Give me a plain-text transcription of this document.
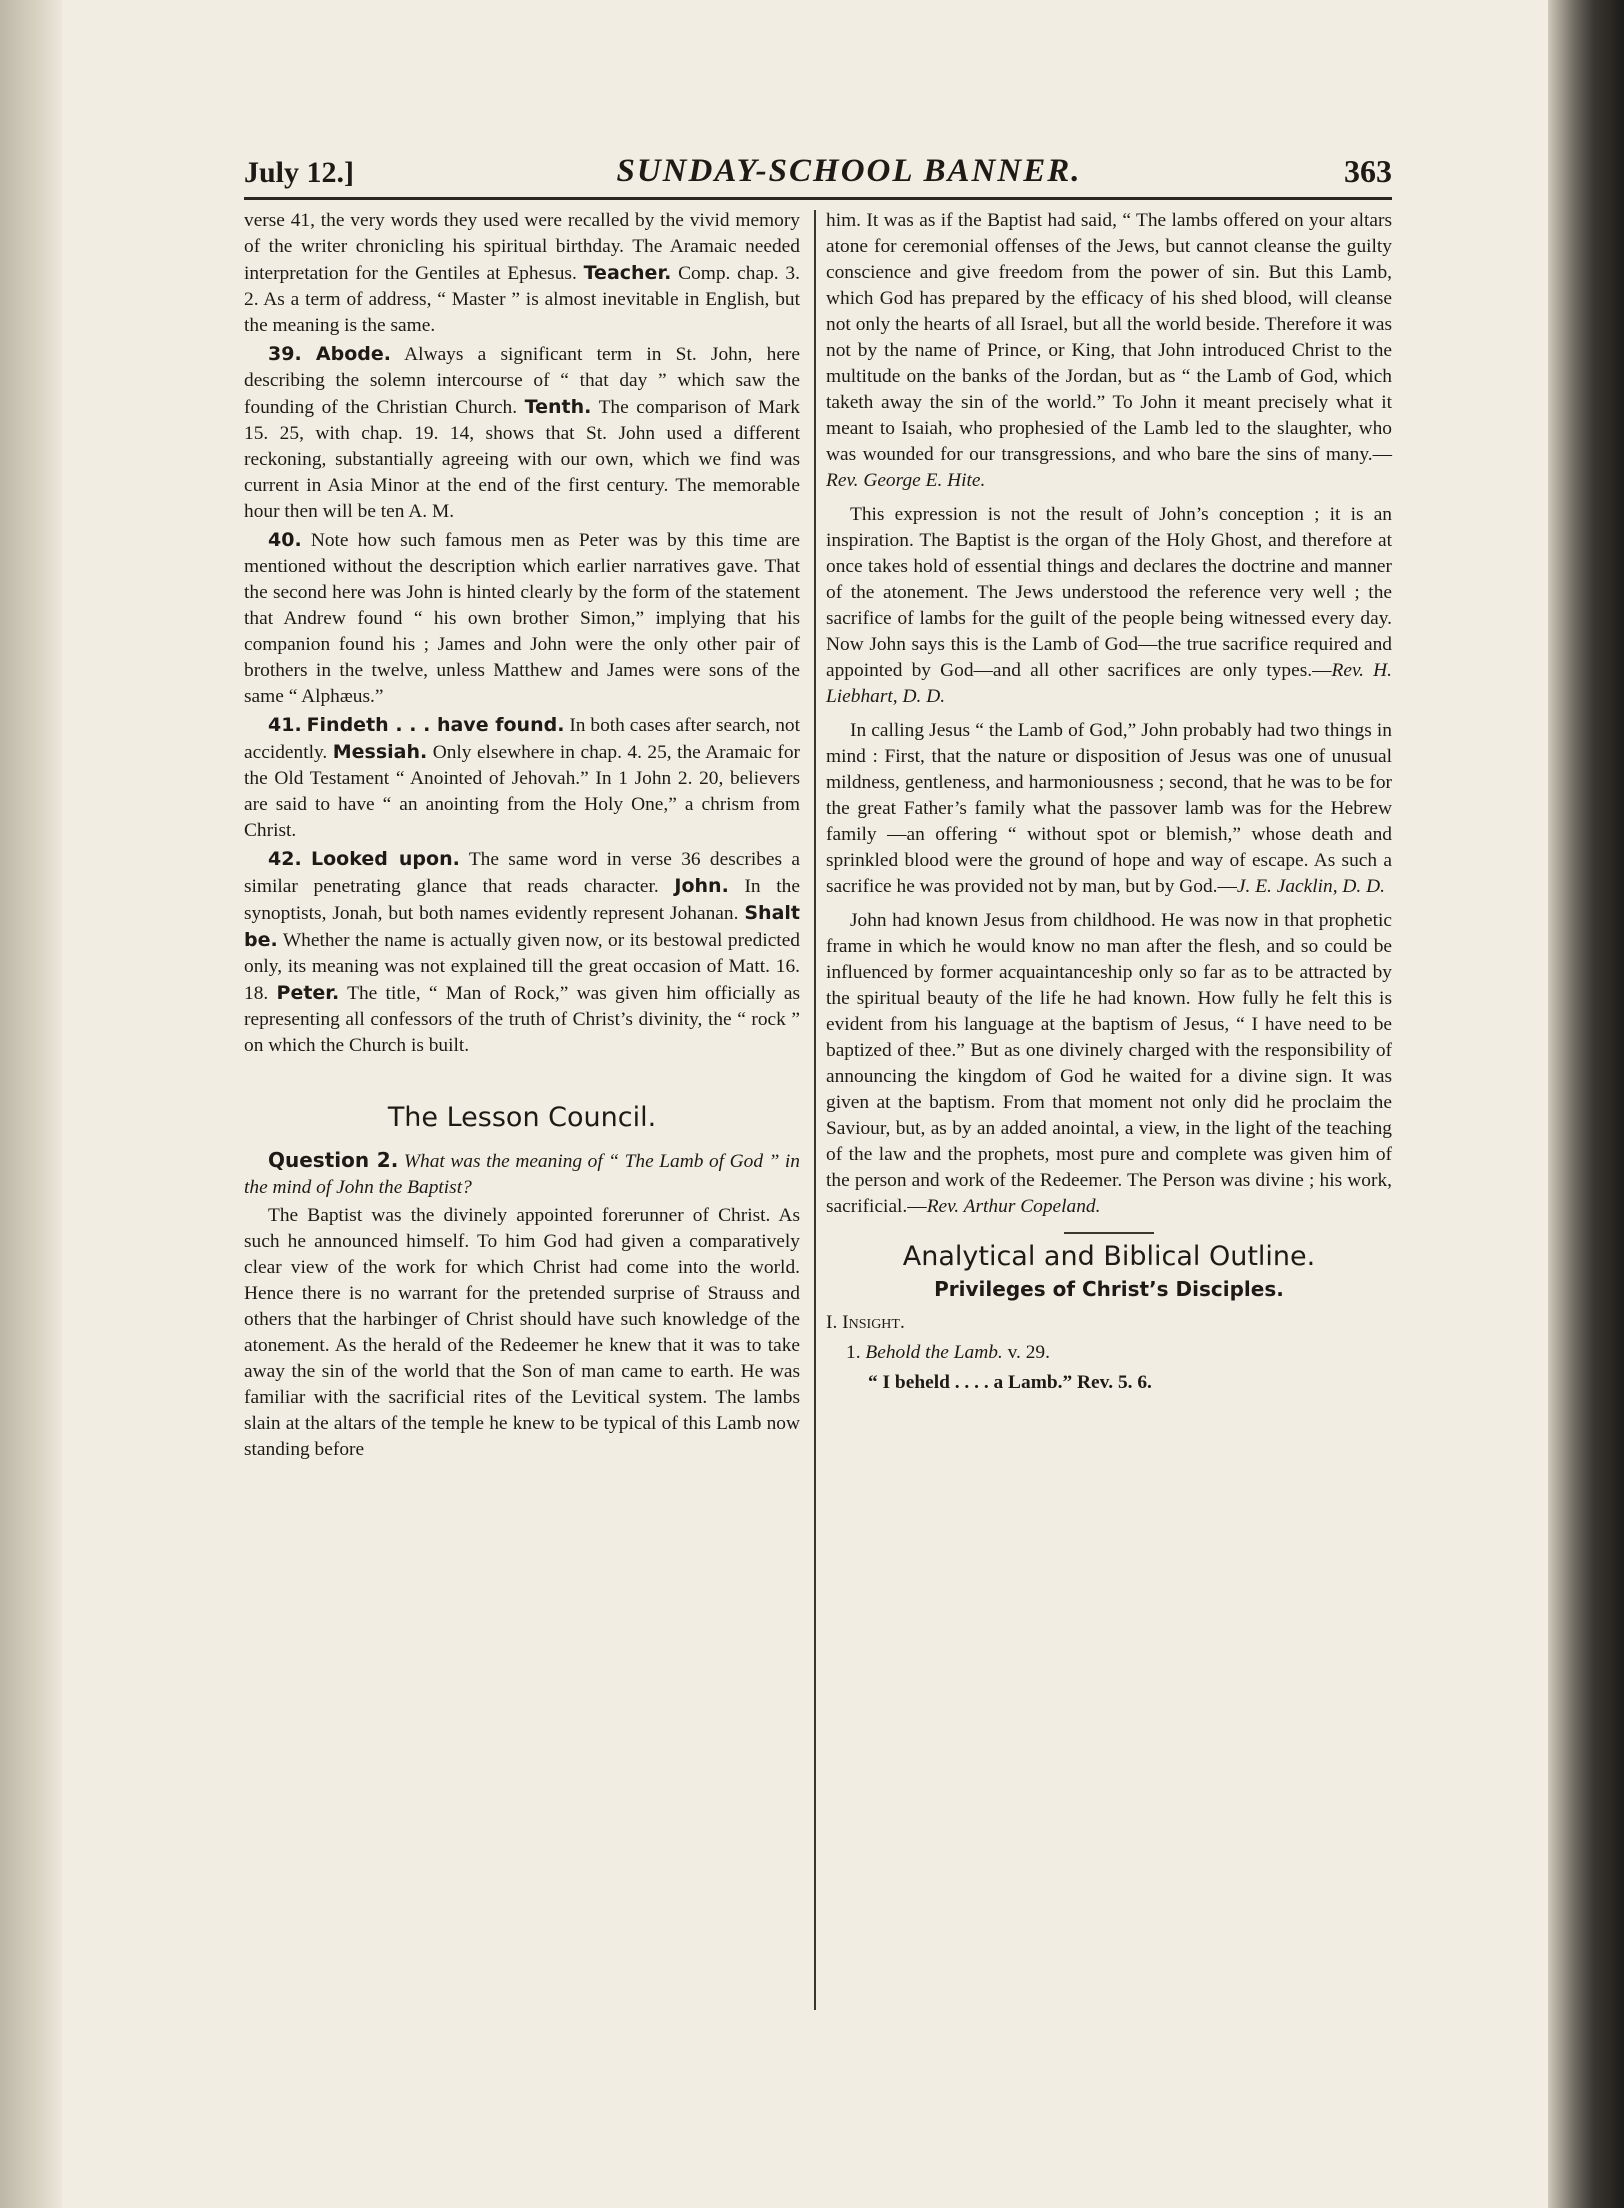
July 12.]	SUNDAY-SCHOOL BANNER.	363

verse 41, the very words they used were recalled by the vivid memory of the writer chronicling his spiritual birthday. The Aramaic needed interpretation for the Gentiles at Ephesus. Teacher. Comp. chap. 3. 2. As a term of address, “ Master ” is almost inevitable in English, but the meaning is the same.

39. Abode. Always a significant term in St. John, here describing the solemn intercourse of “ that day ” which saw the founding of the Christian Church. Tenth. The comparison of Mark 15. 25, with chap. 19. 14, shows that St. John used a different reckoning, substantially agreeing with our own, which we find was current in Asia Minor at the end of the first century. The memorable hour then will be ten A. M.

40. Note how such famous men as Peter was by this time are mentioned without the description which earlier narratives gave. That the second here was John is hinted clearly by the form of the statement that Andrew found “ his own brother Simon,” implying that his companion found his ; James and John were the only other pair of brothers in the twelve, unless Matthew and James were sons of the same “ Alphæus.”

41. Findeth . . . have found. In both cases after search, not accidently. Messiah. Only elsewhere in chap. 4. 25, the Aramaic for the Old Testament “ Anointed of Jehovah.” In 1 John 2. 20, believers are said to have “ an anointing from the Holy One,” a chrism from Christ.

42. Looked upon. The same word in verse 36 describes a similar penetrating glance that reads character. John. In the synoptists, Jonah, but both names evidently represent Johanan. Shalt be. Whether the name is actually given now, or its bestowal predicted only, its meaning was not explained till the great occasion of Matt. 16. 18. Peter. The title, “ Man of Rock,” was given him officially as representing all confessors of the truth of Christ’s divinity, the “ rock ” on which the Church is built.

The Lesson Council.

Question 2. What was the meaning of “ The Lamb of God ” in the mind of John the Baptist?

The Baptist was the divinely appointed forerunner of Christ. As such he announced himself. To him God had given a comparatively clear view of the work for which Christ had come into the world. Hence there is no warrant for the pretended surprise of Strauss and others that the harbinger of Christ should have such knowledge of the atonement. As the herald of the Redeemer he knew that it was to take away the sin of the world that the Son of man came to earth. He was familiar with the sacrificial rites of the Levitical system. The lambs slain at the altars of the temple he knew to be typical of this Lamb now standing before

him. It was as if the Baptist had said, “ The lambs offered on your altars atone for ceremonial offenses of the Jews, but cannot cleanse the guilty conscience and give freedom from the power of sin. But this Lamb, which God has prepared by the efficacy of his shed blood, will cleanse not only the hearts of all Israel, but all the world beside. Therefore it was not by the name of Prince, or King, that John introduced Christ to the multitude on the banks of the Jordan, but as “ the Lamb of God, which taketh away the sin of the world.” To John it meant precisely what it meant to Isaiah, who prophesied of the Lamb led to the slaughter, who was wounded for our transgressions, and who bare the sins of many.—Rev. George E. Hite.

This expression is not the result of John’s conception ; it is an inspiration. The Baptist is the organ of the Holy Ghost, and therefore at once takes hold of essential things and declares the doctrine and manner of the atonement. The Jews understood the reference very well ; the sacrifice of lambs for the guilt of the people being witnessed every day. Now John says this is the Lamb of God—the true sacrifice required and appointed by God—and all other sacrifices are only types.—Rev. H. Liebhart, D. D.

In calling Jesus “ the Lamb of God,” John probably had two things in mind : First, that the nature or disposition of Jesus was one of unusual mildness, gentleness, and harmoniousness ; second, that he was to be for the great Father’s family what the passover lamb was for the Hebrew family —an offering “ without spot or blemish,” whose death and sprinkled blood were the ground of hope and way of escape. As such a sacrifice he was provided not by man, but by God.—J. E. Jacklin, D. D.

John had known Jesus from childhood. He was now in that prophetic frame in which he would know no man after the flesh, and so could be influenced by former acquaintanceship only so far as to be attracted by the spiritual beauty of the life he had known. How fully he felt this is evident from his language at the baptism of Jesus, “ I have need to be baptized of thee.” But as one divinely charged with the responsibility of announcing the kingdom of God he waited for a divine sign. It was given at the baptism. From that moment not only did he proclaim the Saviour, but, as by an added anointal, a view, in the light of the teaching of the law and the prophets, most pure and complete was given him of the person and work of the Redeemer. The Person was divine ; his work, sacrificial.—Rev. Arthur Copeland.

Analytical and Biblical Outline.
Privileges of Christ’s Disciples.
I. Insight.
1. Behold the Lamb. v. 29.
“ I beheld . . . . a Lamb.” Rev. 5. 6.
